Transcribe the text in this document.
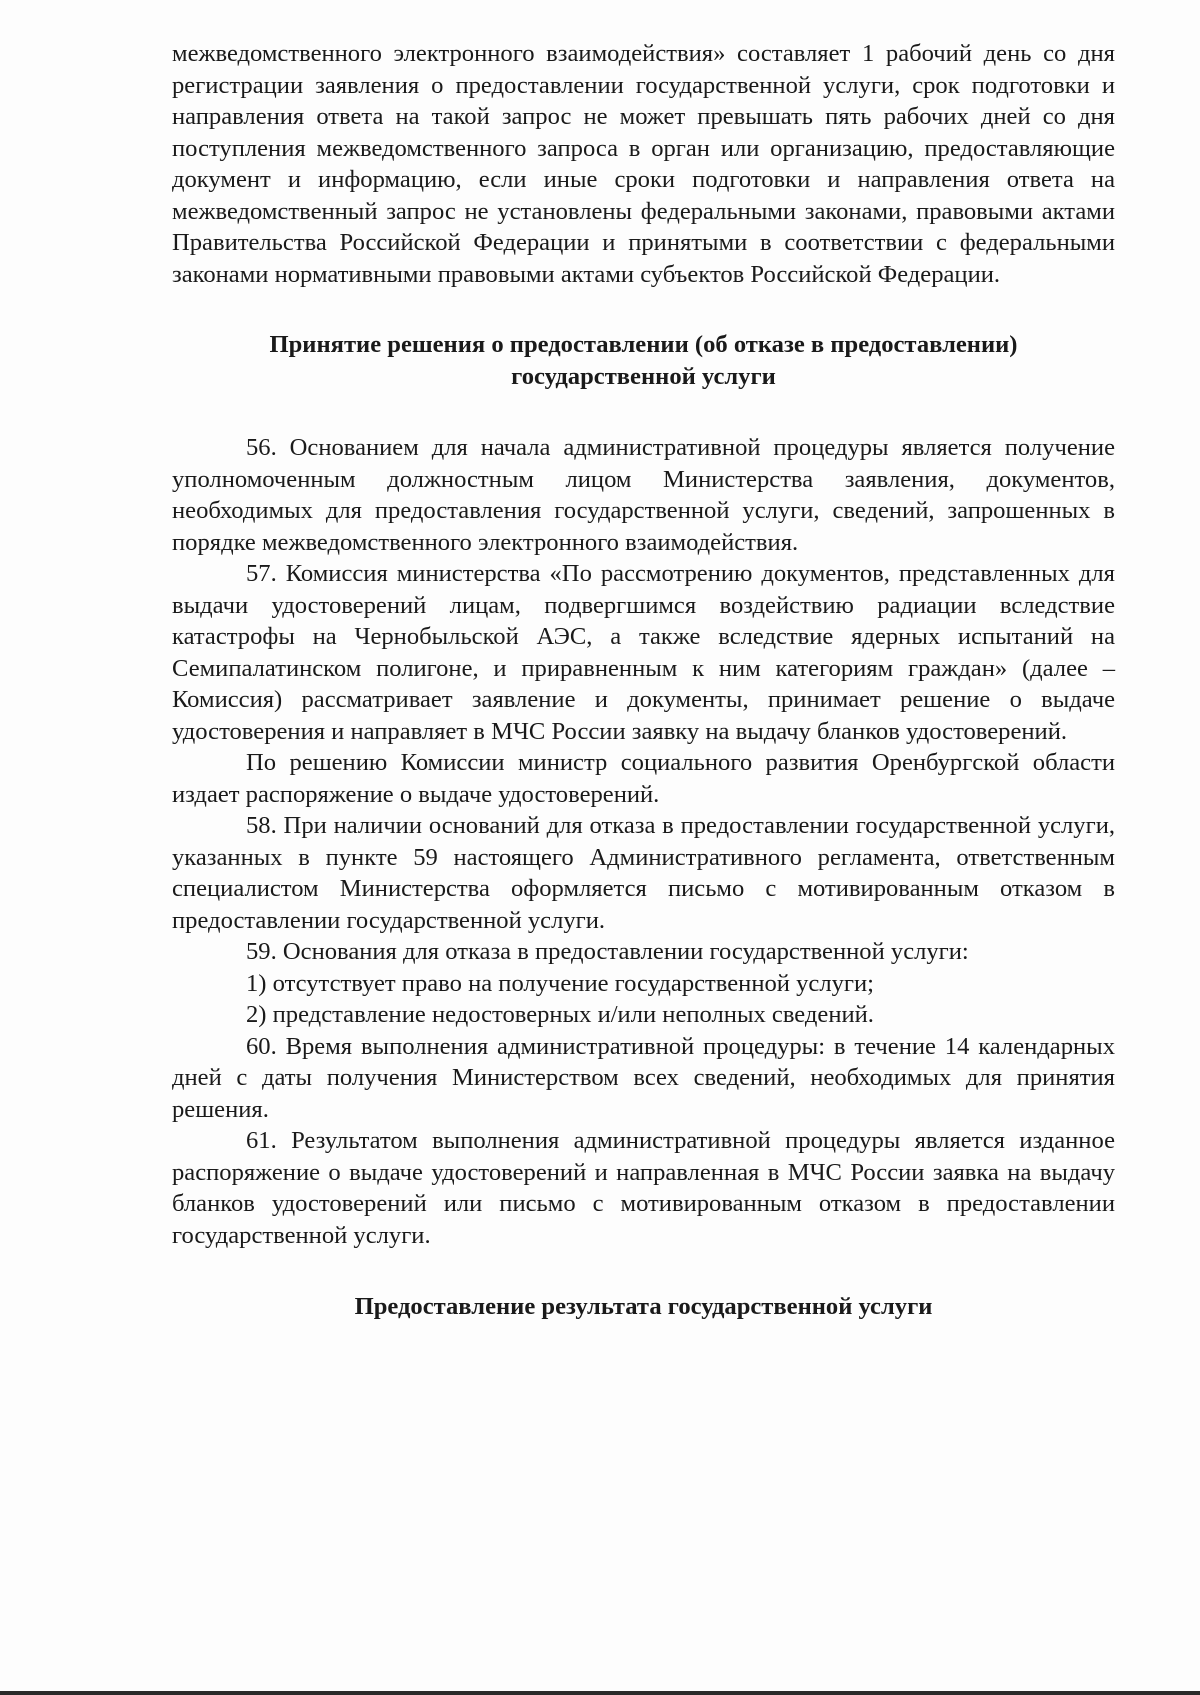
межведомственного электронного взаимодействия» составляет 1 рабочий день со дня регистрации заявления о предоставлении государственной услуги, срок подготовки и направления ответа на такой запрос не может превышать пять рабочих дней со дня поступления межведомственного запроса в орган или организацию, предоставляющие документ и информацию, если иные сроки подготовки и направления ответа на межведомственный запрос не установлены федеральными законами, правовыми актами Правительства Российской Федерации и принятыми в соответствии с федеральными законами нормативными правовыми актами субъектов Российской Федерации.

Принятие решения о предоставлении (об отказе в предоставлении)
государственной услуги

56. Основанием для начала административной процедуры является получение уполномоченным должностным лицом Министерства заявления, документов, необходимых для предоставления государственной услуги, сведений, запрошенных в порядке межведомственного электронного взаимодействия.

57. Комиссия министерства «По рассмотрению документов, представленных для выдачи удостоверений лицам, подвергшимся воздействию радиации вследствие катастрофы на Чернобыльской АЭС, а также вследствие ядерных испытаний на Семипалатинском полигоне, и приравненным к ним категориям граждан» (далее – Комиссия) рассматривает заявление и документы, принимает решение о выдаче удостоверения и направляет в МЧС России заявку на выдачу бланков удостоверений.

По решению Комиссии министр социального развития Оренбургской области издает распоряжение о выдаче удостоверений.

58. При наличии оснований для отказа в предоставлении государственной услуги, указанных в пункте 59 настоящего Административного регламента, ответственным специалистом Министерства оформляется письмо с мотивированным отказом в предоставлении государственной услуги.

59. Основания для отказа в предоставлении государственной услуги:

1) отсутствует право на получение государственной услуги;

2) представление недостоверных и/или неполных сведений.

60. Время выполнения административной процедуры: в течение 14 календарных дней с даты получения Министерством всех сведений, необходимых для принятия решения.

61. Результатом выполнения административной процедуры является изданное распоряжение о выдаче удостоверений и направленная в МЧС России заявка на выдачу бланков удостоверений или письмо с мотивированным отказом в предоставлении государственной услуги.

Предоставление результата государственной услуги
